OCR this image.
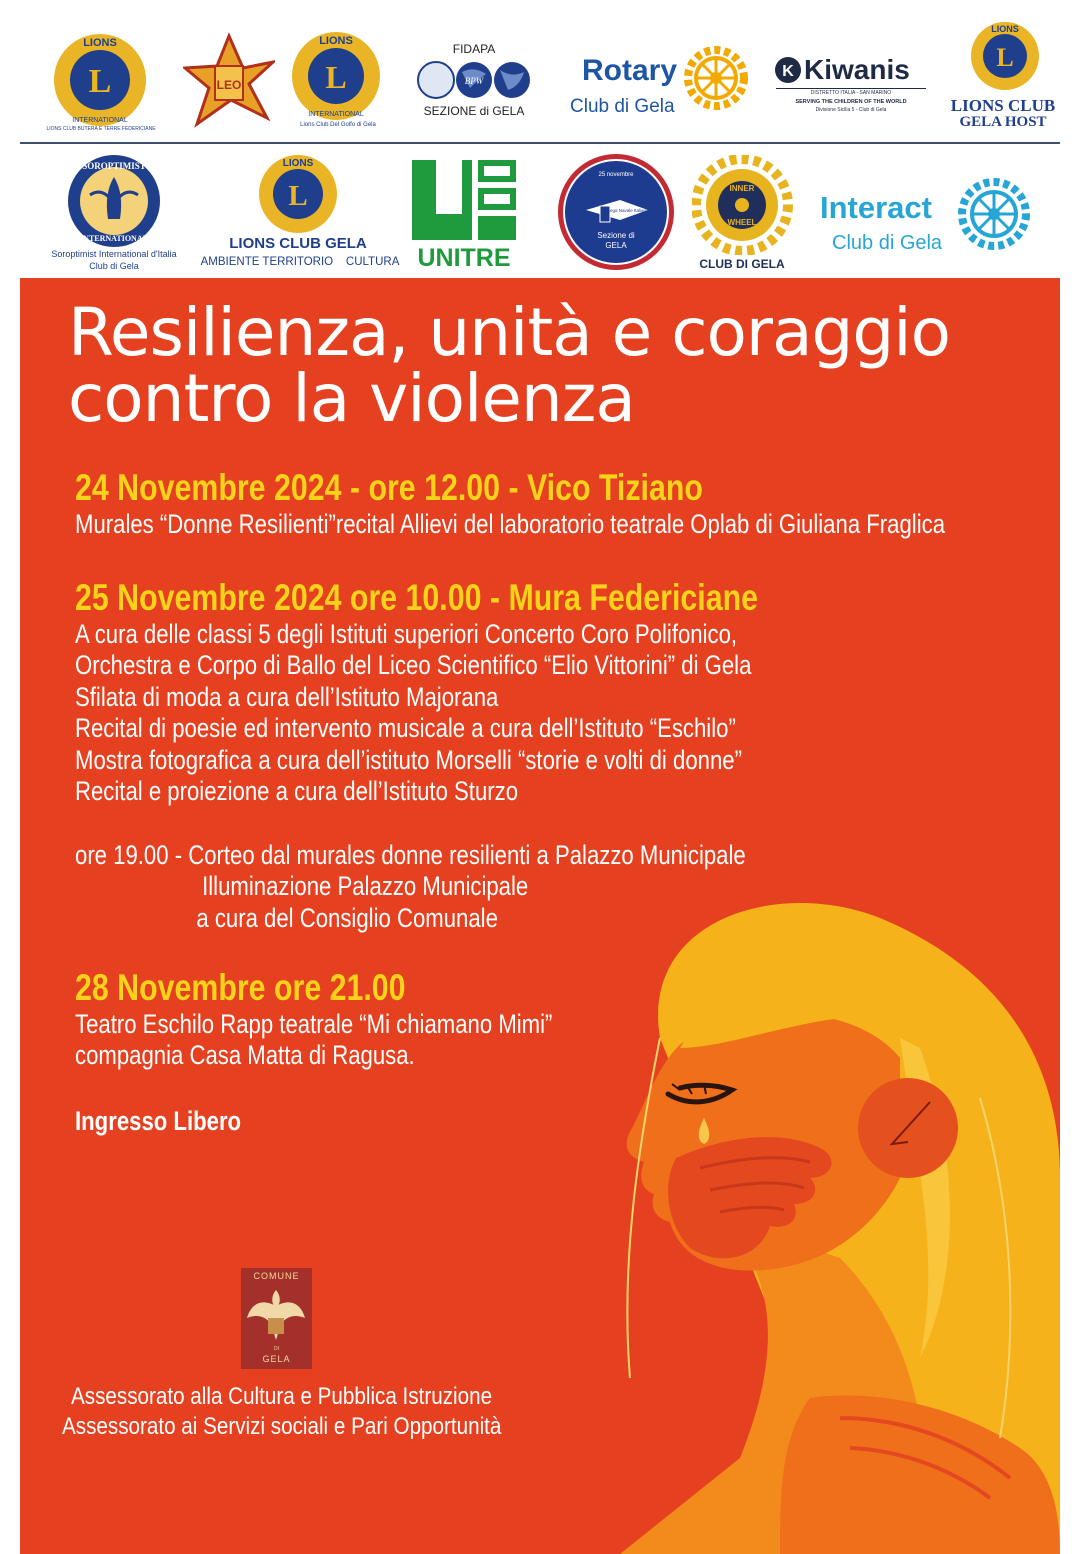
L
LIONS
INTERNATIONAL
LIONS CLUB BUTERA E TERRE FEDERICIANE
LEO	L
LIONS
INTERNATIONAL
Lions Club Del Golfo di Gela
FIDAPA
BPW
SEZIONE di GELA
Rotary
Club di Gela
K Kiwanis
DISTRETTO ITALIA - SAN MARINO
SERVING THE CHILDREN OF THE WORLD
Divisione Sicilia 5 - Club di Gela
L
LIONS
LIONS CLUB
GELA HOST
SOROPTIMIST
INTERNATIONAL
Soroptimist International d'Italia
Club di Gela
L
LIONS
LIONS CLUB GELA
AMBIENTE TERRITORIO    CULTURA UNITRE
25 novembre
Lega Navale Italiana
Sezione di
GELA
INNER
WHEEL
CLUB DI GELA
Interact
Club di Gela
Resilienza, unità e coraggio
contro la violenza
24 Novembre 2024 - ore 12.00 - Vico Tiziano
Murales “Donne Resilienti”recital Allievi del laboratorio teatrale Oplab di Giuliana Fraglica
25 Novembre 2024 ore 10.00 - Mura Federiciane
A cura delle classi 5 degli Istituti superiori Concerto Coro Polifonico,
Orchestra e Corpo di Ballo del Liceo Scientifico “Elio Vittorini” di Gela
Sfilata di moda a cura dell’Istituto Majorana
Recital di poesie ed intervento musicale a cura dell’Istituto “Eschilo”
Mostra fotografica a cura dell’istituto Morselli “storie e volti di donne”
Recital e proiezione a cura dell’Istituto Sturzo
ore 19.00 - Corteo dal murales donne resilienti a Palazzo Municipale
Illuminazione Palazzo Municipale
a cura del Consiglio Comunale
28 Novembre ore 21.00
Teatro Eschilo Rapp teatrale “Mi chiamano Mimi”
compagnia Casa Matta di Ragusa.
Ingresso Libero
COMUNE
DI
GELA
Assessorato alla Cultura e Pubblica Istruzione
Assessorato ai Servizi sociali e Pari Opportunità
